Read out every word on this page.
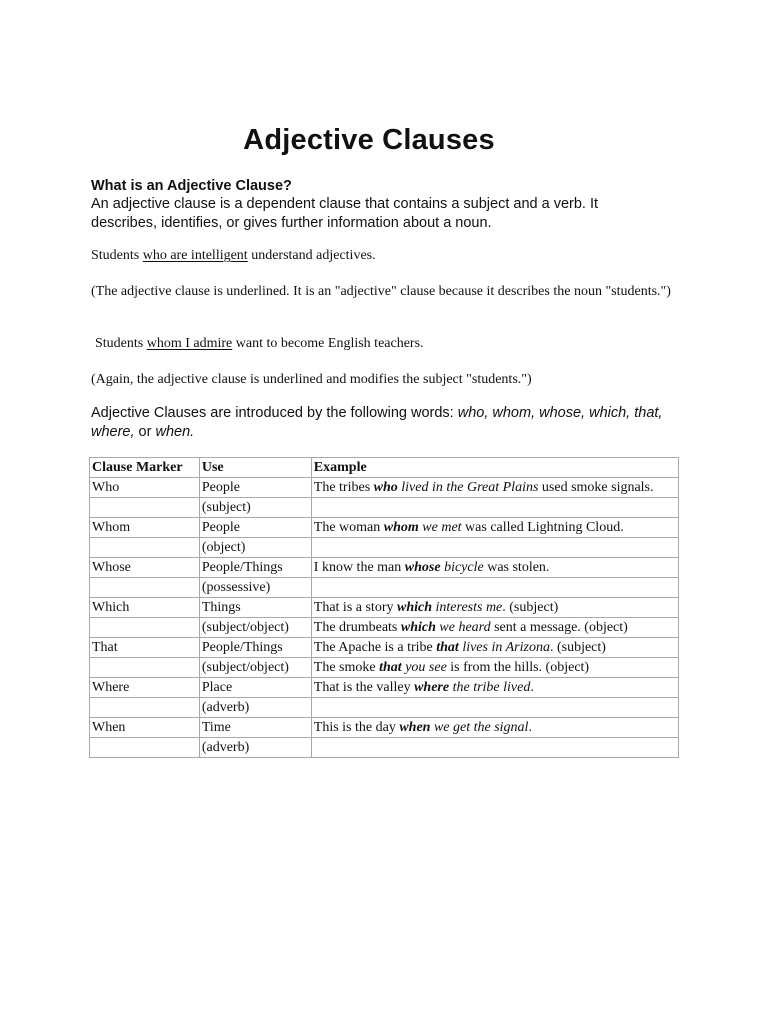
Adjective Clauses
What is an Adjective Clause?
An adjective clause is a dependent clause that contains a subject and a verb. It describes, identifies, or gives further information about a noun.
Students who are intelligent understand adjectives.
(The adjective clause is underlined. It is an "adjective" clause because it describes the noun "students.")
Students whom I admire want to become English teachers.
(Again, the adjective clause is underlined and modifies the subject "students.")
Adjective Clauses are introduced by the following words: who, whom, whose, which, that, where, or when.
Clause Marker	Use	Example
Who	People	The tribes who lived in the Great Plains used smoke signals.
	(subject)	
Whom	People	The woman whom we met was called Lightning Cloud.
	(object)	
Whose	People/Things	I know the man whose bicycle was stolen.
	(possessive)	
Which	Things	That is a story which interests me. (subject)
	(subject/object)	The drumbeats which we heard sent a message. (object)
That	People/Things	The Apache is a tribe that lives in Arizona. (subject)
	(subject/object)	The smoke that you see is from the hills. (object)
Where	Place	That is the valley where the tribe lived.
	(adverb)	
When	Time	This is the day when we get the signal.
	(adverb)	
